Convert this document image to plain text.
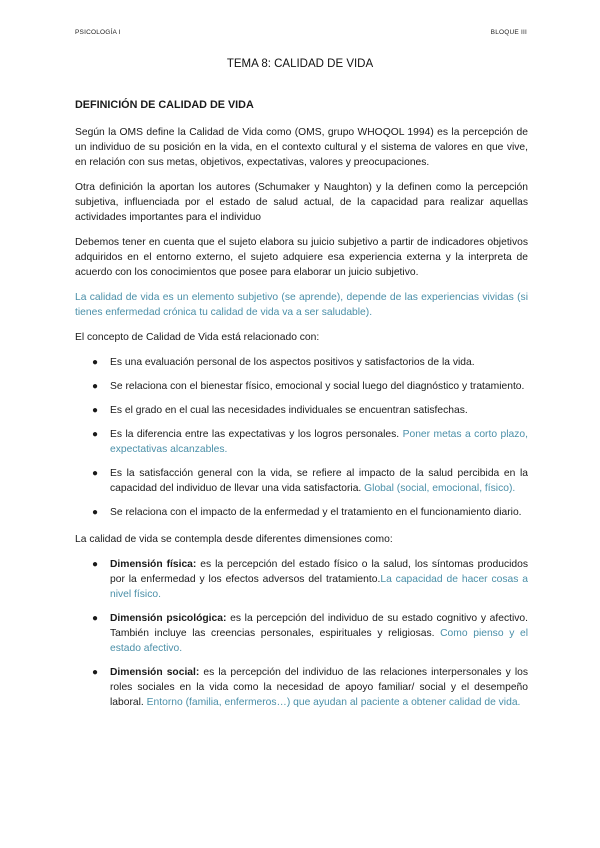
PSICOLOGÍA I	BLOQUE III
TEMA 8: CALIDAD DE VIDA
DEFINICIÓN DE CALIDAD DE VIDA

Según la OMS define la Calidad de Vida como (OMS, grupo WHOQOL 1994) es la percepción de un individuo de su posición en la vida, en el contexto cultural y el sistema de valores en que vive, en relación con sus metas, objetivos, expectativas, valores y preocupaciones.

Otra definición la aportan los autores (Schumaker y Naughton) y la definen como la percepción subjetiva, influenciada por el estado de salud actual, de la capacidad para realizar aquellas actividades importantes para el individuo

Debemos tener en cuenta que el sujeto elabora su juicio subjetivo a partir de indicadores objetivos adquiridos en el entorno externo, el sujeto adquiere esa experiencia externa y la interpreta de acuerdo con los conocimientos que posee para elaborar un juicio subjetivo.

La calidad de vida es un elemento subjetivo (se aprende), depende de las experiencias vividas (si tienes enfermedad crónica tu calidad de vida va a ser saludable).

El concepto de Calidad de Vida está relacionado con:

● Es una evaluación personal de los aspectos positivos y satisfactorios de la vida.
● Se relaciona con el bienestar físico, emocional y social luego del diagnóstico y tratamiento.
● Es el grado en el cual las necesidades individuales se encuentran satisfechas.
● Es la diferencia entre las expectativas y los logros personales. Poner metas a corto plazo, expectativas alcanzables.
● Es la satisfacción general con la vida, se refiere al impacto de la salud percibida en la capacidad del individuo de llevar una vida satisfactoria. Global (social, emocional, físico).
● Se relaciona con el impacto de la enfermedad y el tratamiento en el funcionamiento diario.

La calidad de vida se contempla desde diferentes dimensiones como:

● Dimensión física: es la percepción del estado físico o la salud, los síntomas producidos por la enfermedad y los efectos adversos del tratamiento.La capacidad de hacer cosas a nivel físico.
● Dimensión psicológica: es la percepción del individuo de su estado cognitivo y afectivo. También incluye las creencias personales, espirituales y religiosas. Como pienso y el estado afectivo.
● Dimensión social: es la percepción del individuo de las relaciones interpersonales y los roles sociales en la vida como la necesidad de apoyo familiar/ social y el desempeño laboral. Entorno (familia, enfermeros…) que ayudan al paciente a obtener calidad de vida.
